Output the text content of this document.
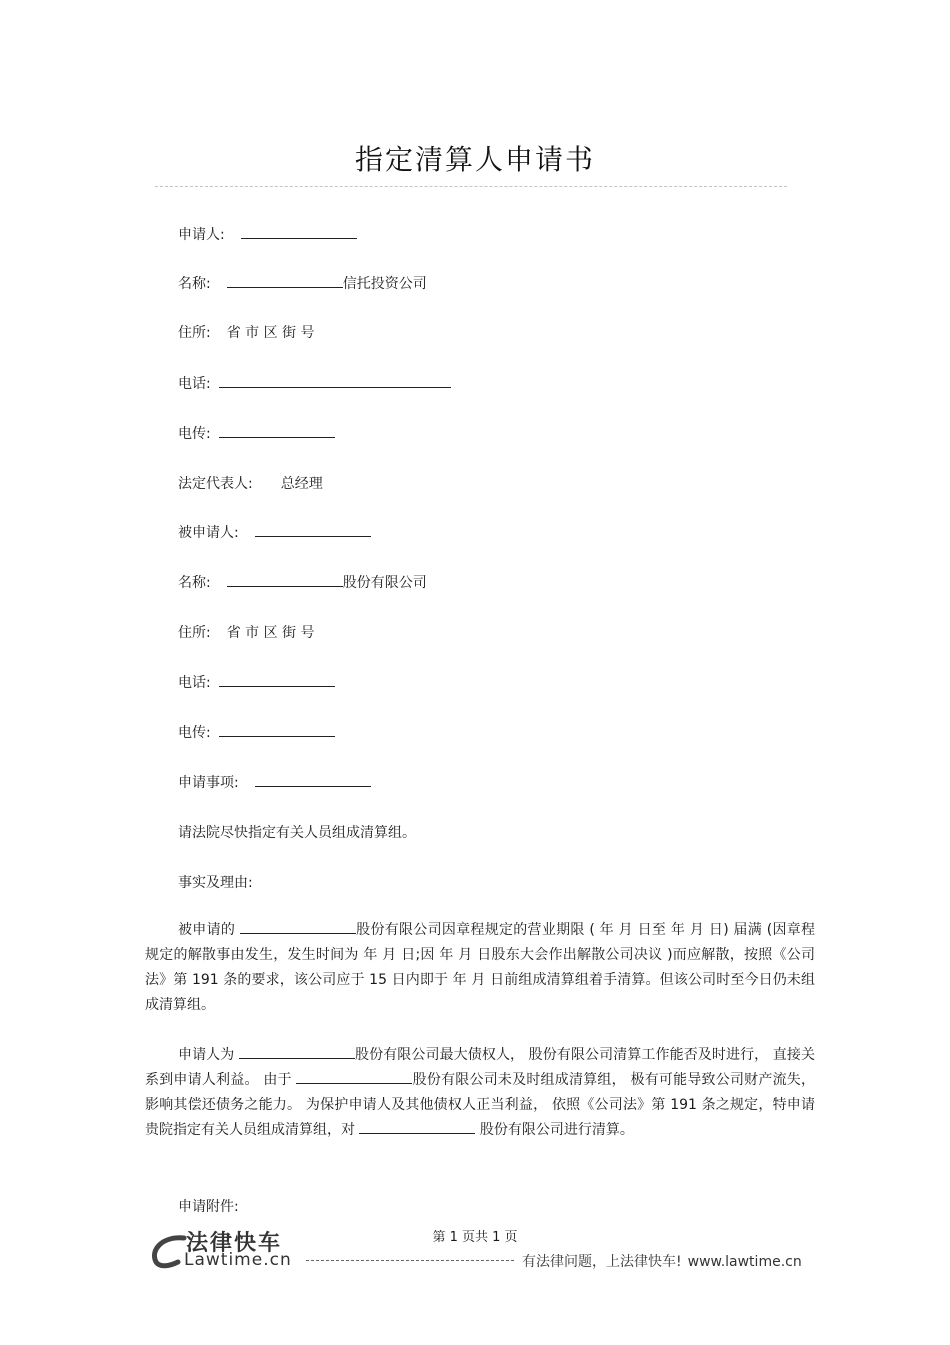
指定清算人申请书

申请人:

名称:	信托投资公司

住所: 省 市 区 街 号

电话:

电传:

法定代表人: 总经理

被申请人:

名称:	股份有限公司

住所: 省 市 区 街 号

电话:

电传:

申请事项:

请法院尽快指定有关人员组成清算组。

事实及理由:

被申请的	股份有限公司因章程规定的营业期限 ( 年 月 日至 年 月 日) 届满 (因章程规定的解散事由发生，发生时间为 年 月 日;因 年 月 日股东大会作出解散公司决议 )而应解散，按照《公司法》第 191 条的要求，该公司应于 15 日内即于 年 月 日前组成清算组着手清算。但该公司时至今日仍未组成清算组。

申请人为	股份有限公司最大债权人， 股份有限公司清算工作能否及时进行， 直接关系到申请人利益。 由于	股份有限公司未及时组成清算组， 极有可能导致公司财产流失， 影响其偿还债务之能力。 为保护申请人及其他债权人正当利益， 依照《公司法》第 191 条之规定，特申请贵院指定有关人员组成清算组，对	股份有限公司进行清算。

申请附件:

第 1 页共 1 页

法律快车
Lawtime.cn	有法律问题，上法律快车! www.lawtime.cn
